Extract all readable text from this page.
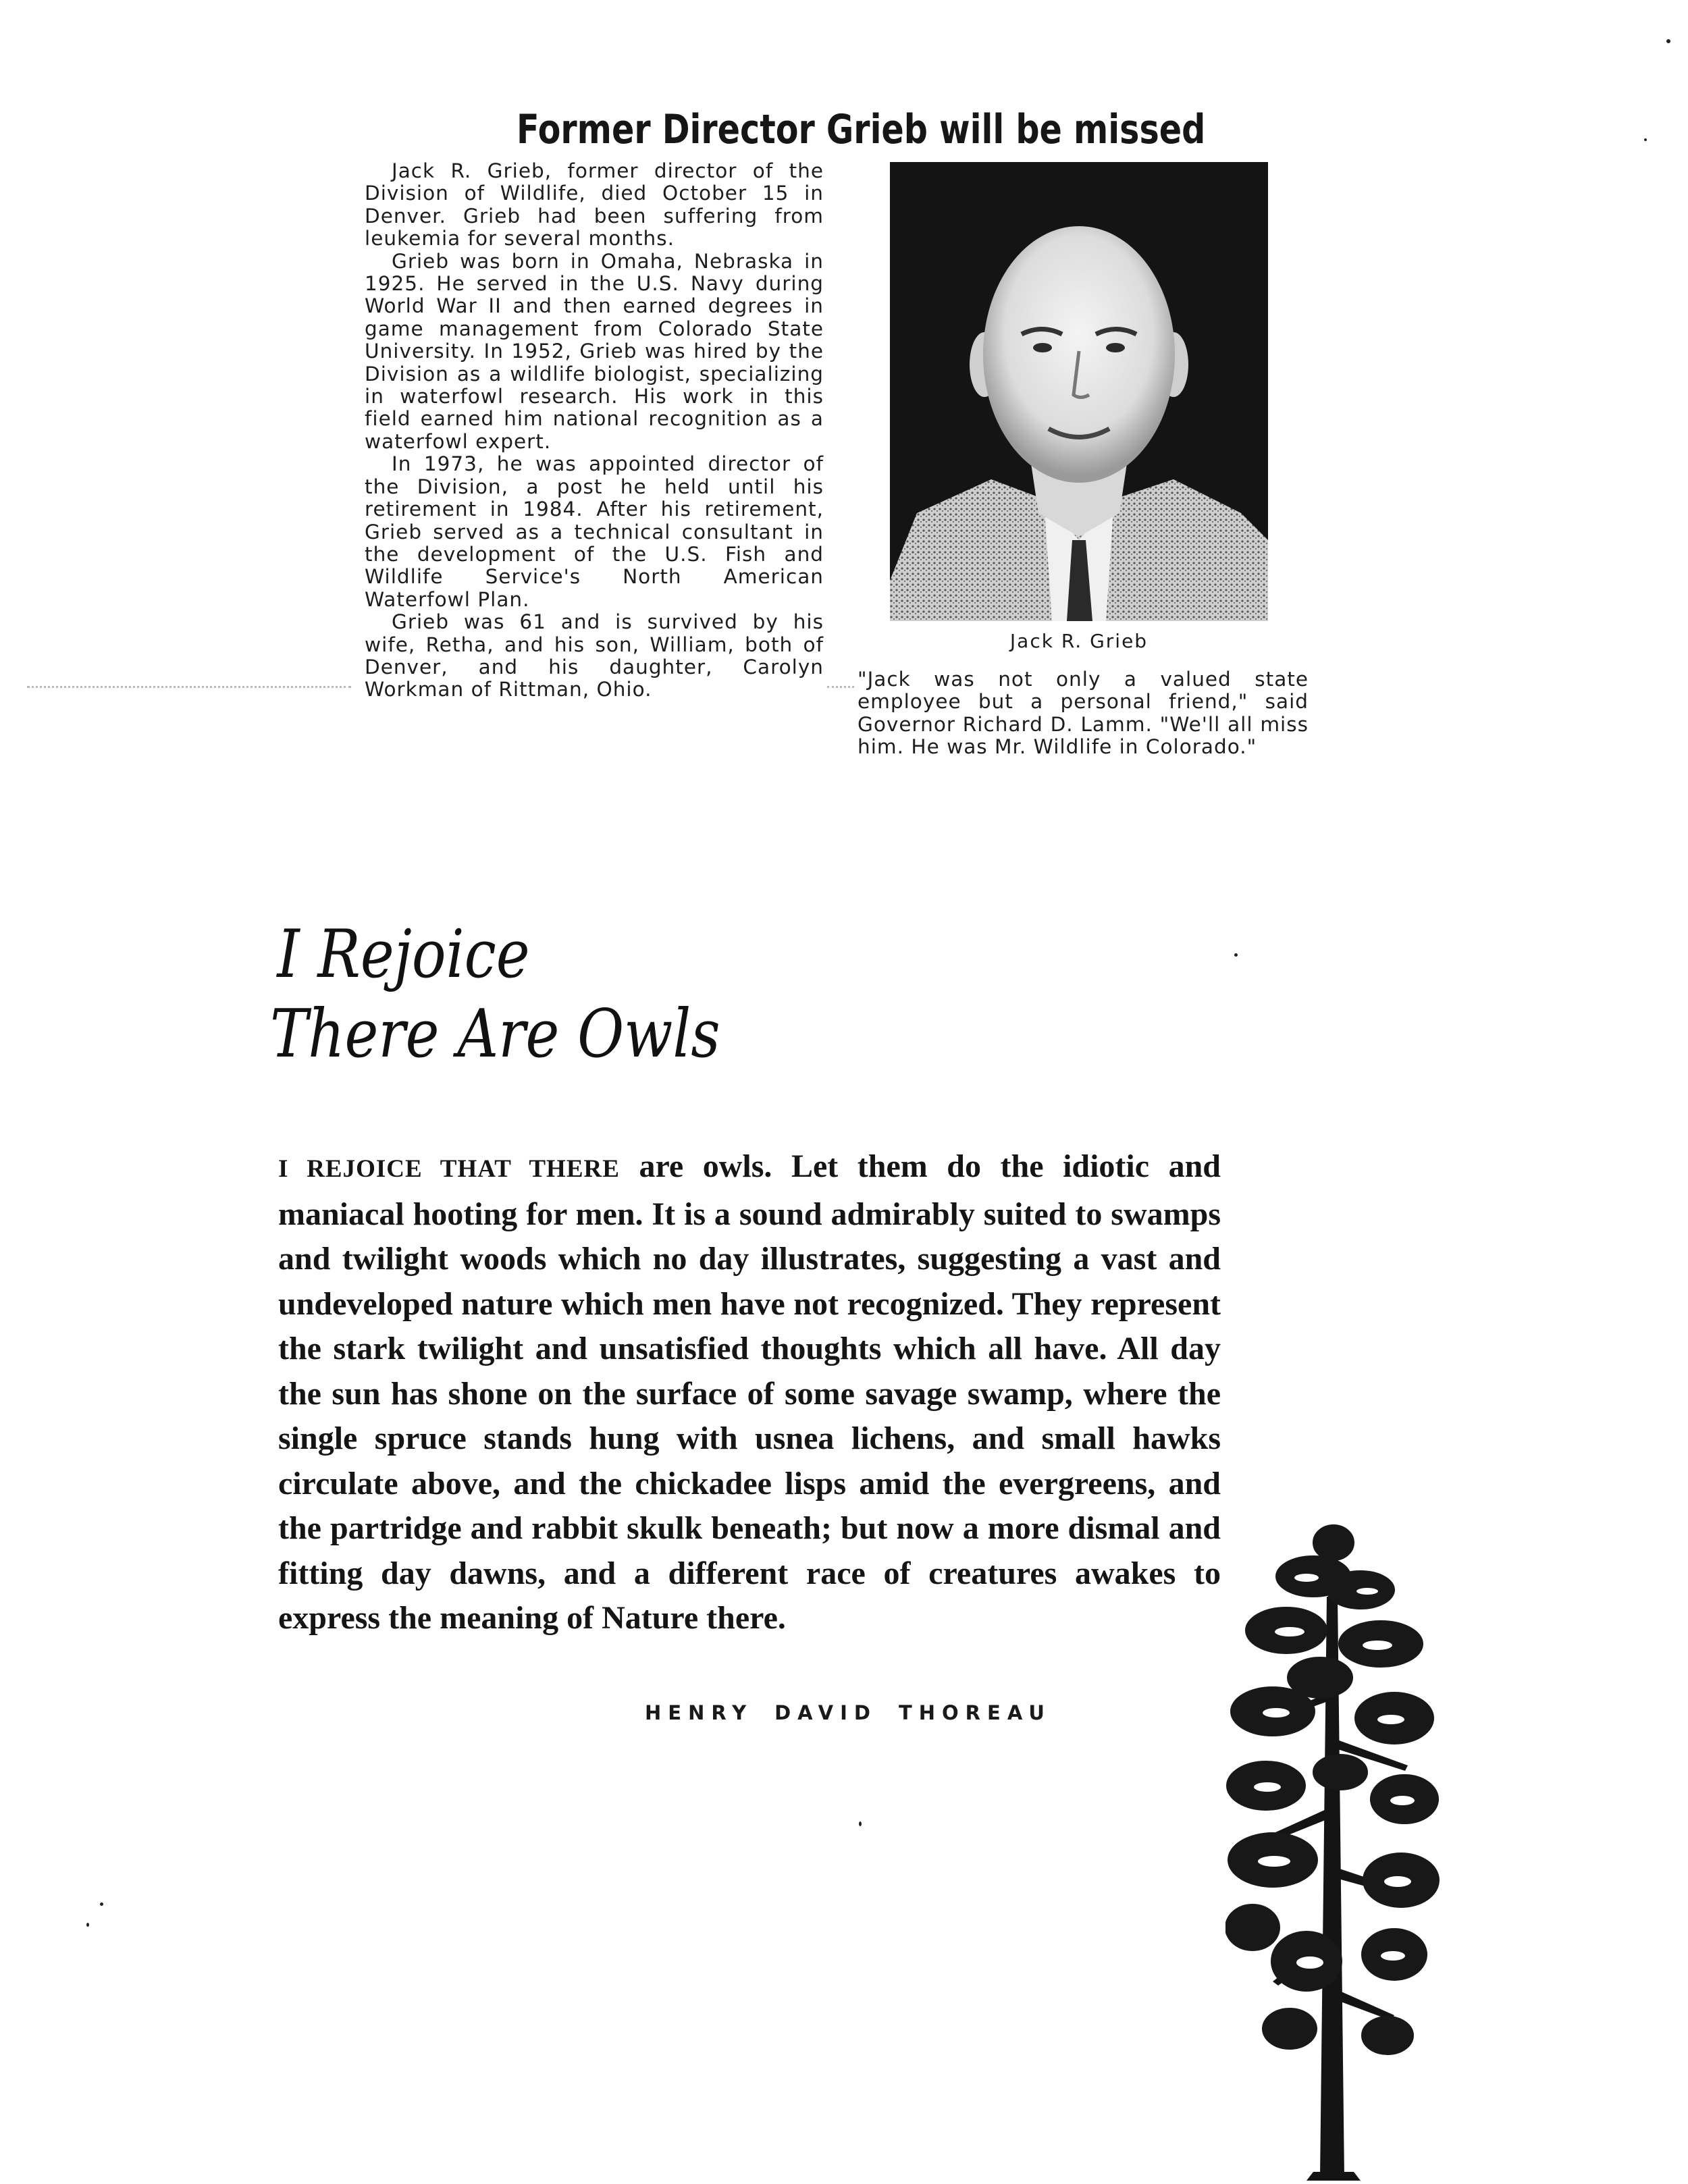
Former Director Grieb will be missed

Jack R. Grieb, former director of the Division of Wildlife, died October 15 in Denver. Grieb had been suffering from leukemia for several months.

Grieb was born in Omaha, Nebraska in 1925. He served in the U.S. Navy during World War II and then earned degrees in game management from Colorado State University. In 1952, Grieb was hired by the Division as a wildlife biologist, specializing in waterfowl research. His work in this field earned him national recognition as a waterfowl expert.

In 1973, he was appointed director of the Division, a post he held until his retirement in 1984. After his retirement, Grieb served as a technical consultant in the development of the U.S. Fish and Wildlife Service's North American Waterfowl Plan.

Grieb was 61 and is survived by his wife, Retha, and his son, William, both of Denver, and his daughter, Carolyn Workman of Rittman, Ohio.

Jack R. Grieb
"Jack was not only a valued state employee but a personal friend," said Governor Richard D. Lamm. "We'll all miss him. He was Mr. Wildlife in Colorado."
I Rejoice
There Are Owls
I REJOICE THAT THERE are owls. Let them do the idiotic and maniacal hooting for men. It is a sound admirably suited to swamps and twilight woods which no day illustrates, suggesting a vast and undeveloped nature which men have not recognized. They represent the stark twilight and unsatisfied thoughts which all have. All day the sun has shone on the surface of some savage swamp, where the single spruce stands hung with usnea lichens, and small hawks circulate above, and the chickadee lisps amid the evergreens, and the partridge and rabbit skulk beneath; but now a more dismal and fitting day dawns, and a different race of creatures awakes to express the meaning of Nature there.
HENRY DAVID THOREAU
